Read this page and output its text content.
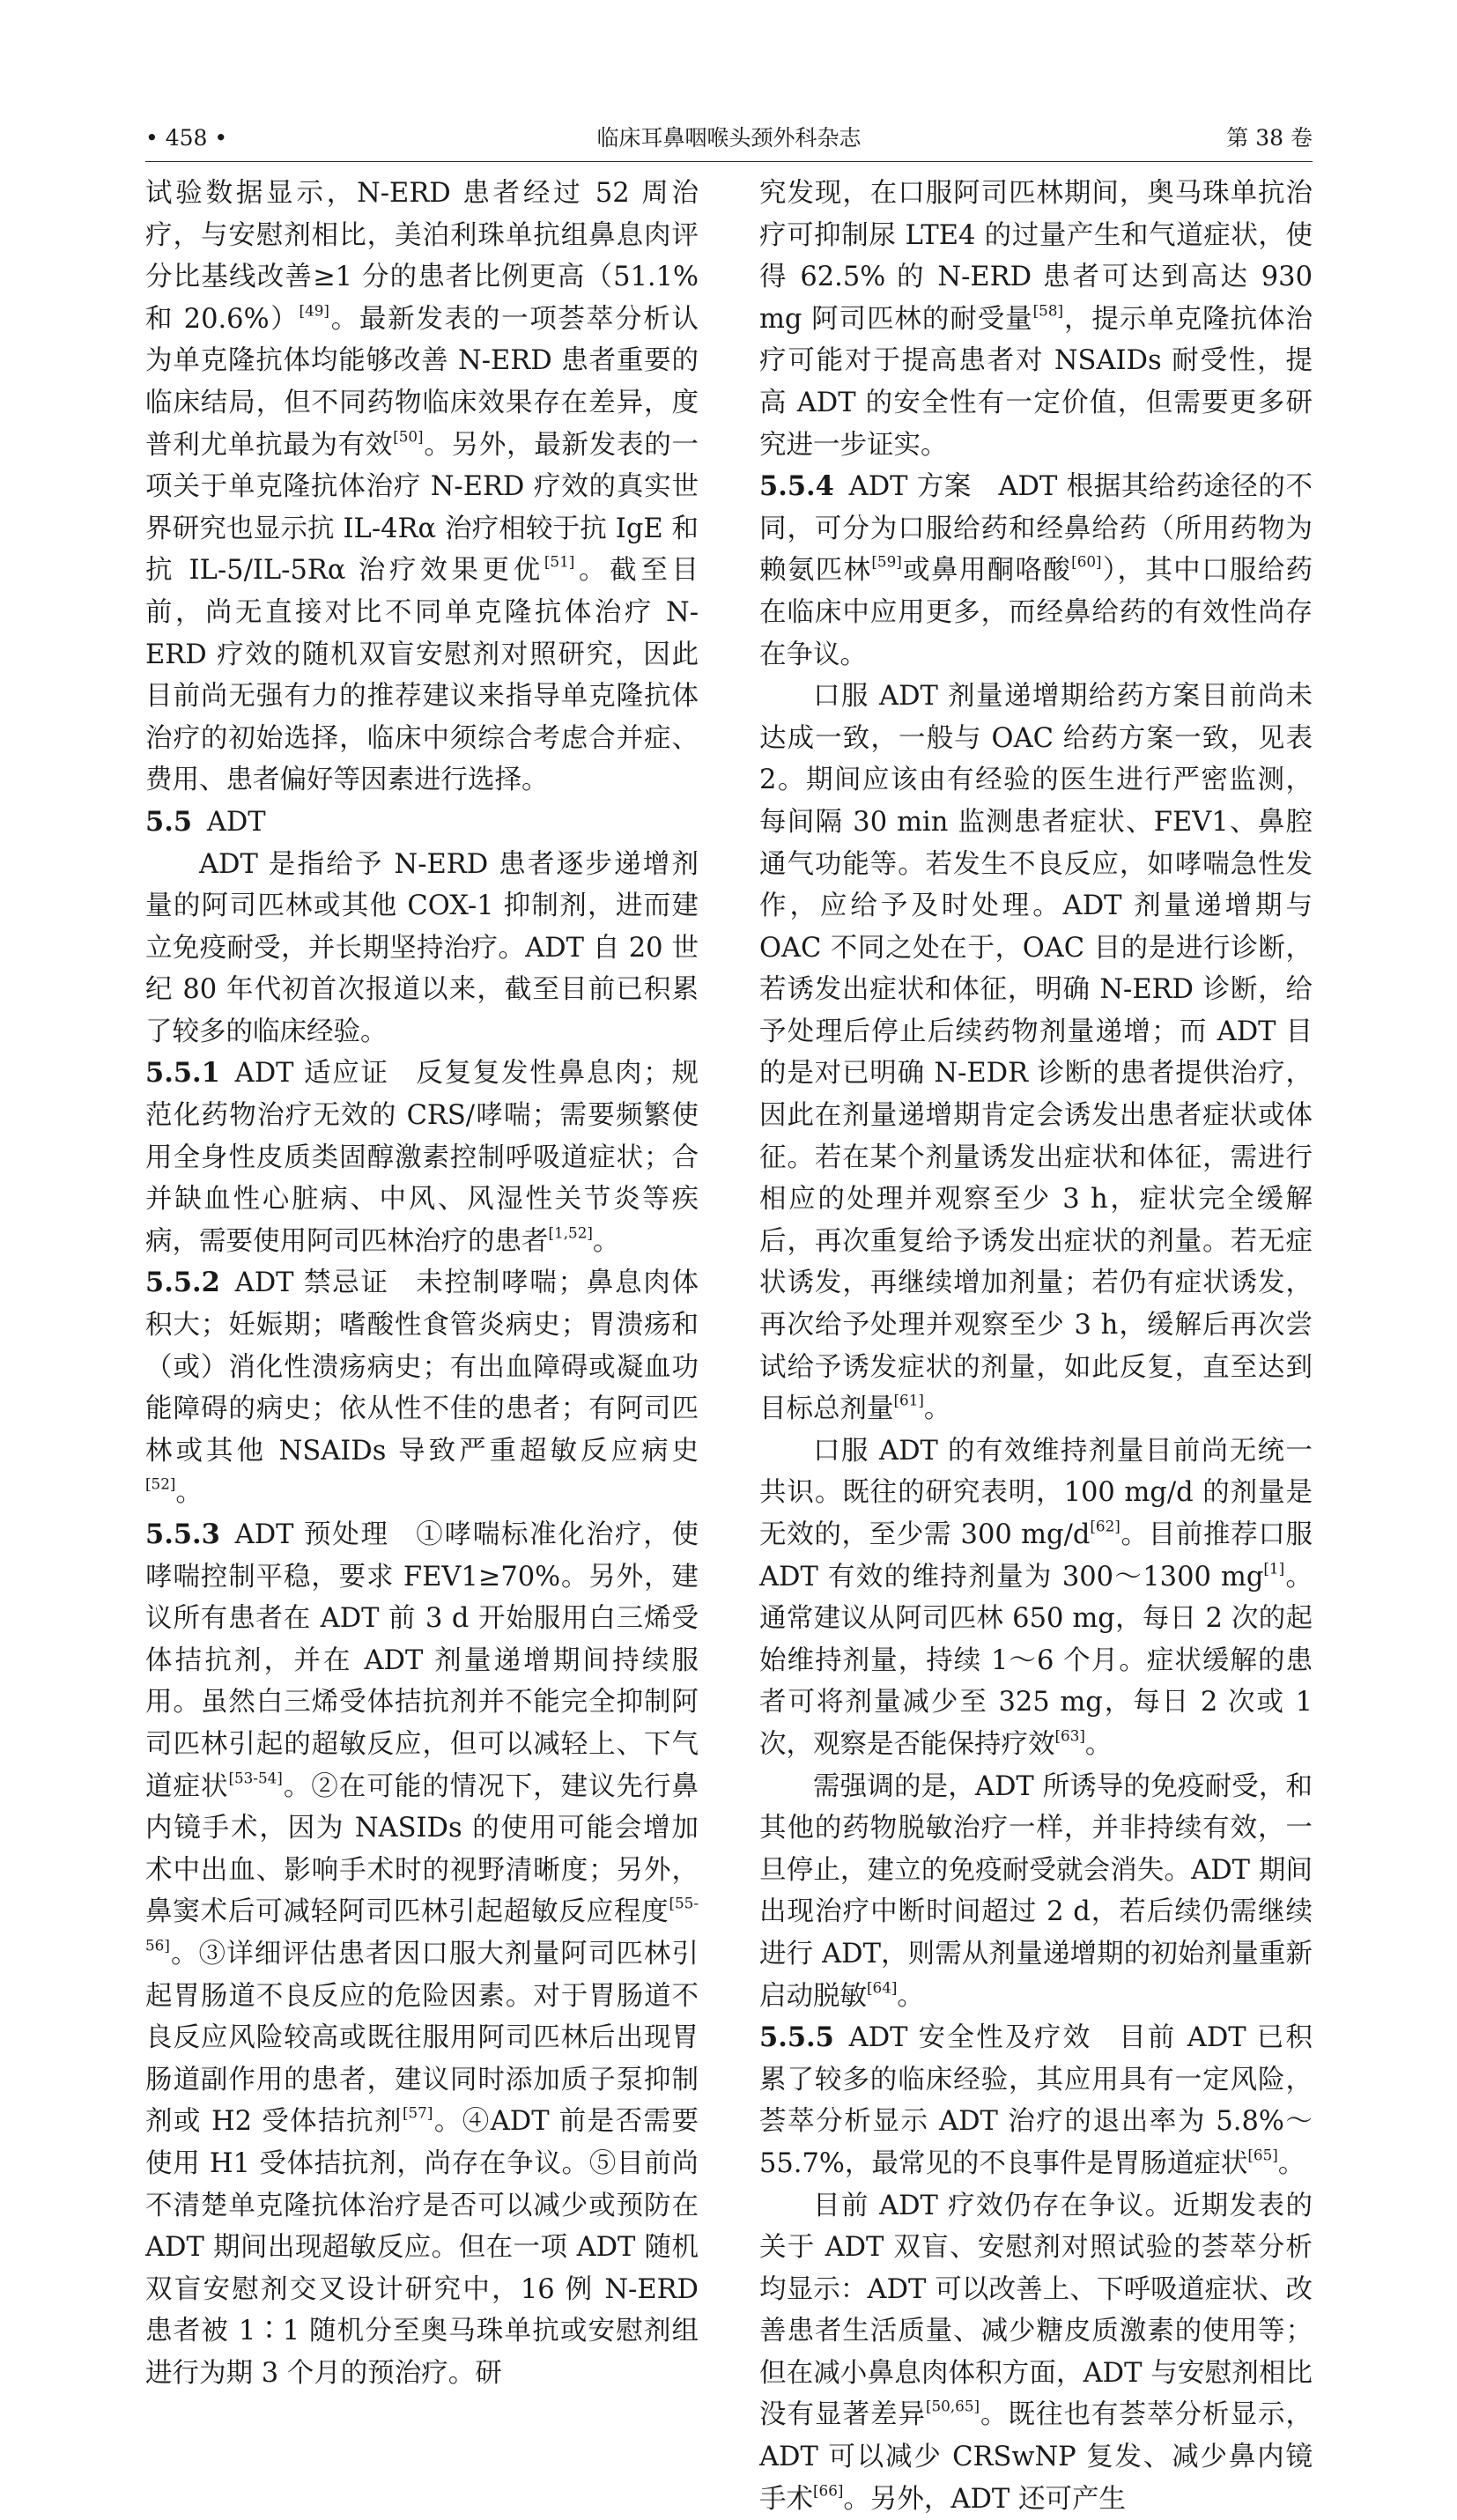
• 458 •	临床耳鼻咽喉头颈外科杂志	第 38 卷

试验数据显示，N-ERD 患者经过 52 周治疗，与安慰剂相比，美泊利珠单抗组鼻息肉评分比基线改善≥1 分的患者比例更高（51.1% 和 20.6%）[49]。最新发表的一项荟萃分析认为单克隆抗体均能够改善 N-ERD 患者重要的临床结局，但不同药物临床效果存在差异，度普利尤单抗最为有效[50]。另外，最新发表的一项关于单克隆抗体治疗 N-ERD 疗效的真实世界研究也显示抗 IL-4Rα 治疗相较于抗 IgE 和抗 IL-5/IL-5Rα 治疗效果更优[51]。截至目前，尚无直接对比不同单克隆抗体治疗 N-ERD 疗效的随机双盲安慰剂对照研究，因此目前尚无强有力的推荐建议来指导单克隆抗体治疗的初始选择，临床中须综合考虑合并症、费用、患者偏好等因素进行选择。

5.5 ADT

ADT 是指给予 N-ERD 患者逐步递增剂量的阿司匹林或其他 COX-1 抑制剂，进而建立免疫耐受，并长期坚持治疗。ADT 自 20 世纪 80 年代初首次报道以来，截至目前已积累了较多的临床经验。

5.5.1 ADT 适应证 反复复发性鼻息肉；规范化药物治疗无效的 CRS/哮喘；需要频繁使用全身性皮质类固醇激素控制呼吸道症状；合并缺血性心脏病、中风、风湿性关节炎等疾病，需要使用阿司匹林治疗的患者[1,52]。

5.5.2 ADT 禁忌证 未控制哮喘；鼻息肉体积大；妊娠期；嗜酸性食管炎病史；胃溃疡和（或）消化性溃疡病史；有出血障碍或凝血功能障碍的病史；依从性不佳的患者；有阿司匹林或其他 NSAIDs 导致严重超敏反应病史[52]。

5.5.3 ADT 预处理 ①哮喘标准化治疗，使哮喘控制平稳，要求 FEV1≥70%。另外，建议所有患者在 ADT 前 3 d 开始服用白三烯受体拮抗剂，并在 ADT 剂量递增期间持续服用。虽然白三烯受体拮抗剂并不能完全抑制阿司匹林引起的超敏反应，但可以减轻上、下气道症状[53-54]。②在可能的情况下，建议先行鼻内镜手术，因为 NASIDs 的使用可能会增加术中出血、影响手术时的视野清晰度；另外，鼻窦术后可减轻阿司匹林引起超敏反应程度[55-56]。③详细评估患者因口服大剂量阿司匹林引起胃肠道不良反应的危险因素。对于胃肠道不良反应风险较高或既往服用阿司匹林后出现胃肠道副作用的患者，建议同时添加质子泵抑制剂或 H2 受体拮抗剂[57]。④ADT 前是否需要使用 H1 受体拮抗剂，尚存在争议。⑤目前尚不清楚单克隆抗体治疗是否可以减少或预防在 ADT 期间出现超敏反应。但在一项 ADT 随机双盲安慰剂交叉设计研究中，16 例 N-ERD 患者被 1∶1 随机分至奥马珠单抗或安慰剂组进行为期 3 个月的预治疗。研

究发现，在口服阿司匹林期间，奥马珠单抗治疗可抑制尿 LTE4 的过量产生和气道症状，使得 62.5% 的 N-ERD 患者可达到高达 930 mg 阿司匹林的耐受量[58]，提示单克隆抗体治疗可能对于提高患者对 NSAIDs 耐受性，提高 ADT 的安全性有一定价值，但需要更多研究进一步证实。

5.5.4 ADT 方案 ADT 根据其给药途径的不同，可分为口服给药和经鼻给药（所用药物为赖氨匹林[59]或鼻用酮咯酸[60]），其中口服给药在临床中应用更多，而经鼻给药的有效性尚存在争议。

口服 ADT 剂量递增期给药方案目前尚未达成一致，一般与 OAC 给药方案一致，见表 2。期间应该由有经验的医生进行严密监测，每间隔 30 min 监测患者症状、FEV1、鼻腔通气功能等。若发生不良反应，如哮喘急性发作，应给予及时处理。ADT 剂量递增期与 OAC 不同之处在于，OAC 目的是进行诊断，若诱发出症状和体征，明确 N-ERD 诊断，给予处理后停止后续药物剂量递增；而 ADT 目的是对已明确 N-EDR 诊断的患者提供治疗，因此在剂量递增期肯定会诱发出患者症状或体征。若在某个剂量诱发出症状和体征，需进行相应的处理并观察至少 3 h，症状完全缓解后，再次重复给予诱发出症状的剂量。若无症状诱发，再继续增加剂量；若仍有症状诱发，再次给予处理并观察至少 3 h，缓解后再次尝试给予诱发症状的剂量，如此反复，直至达到目标总剂量[61]。

口服 ADT 的有效维持剂量目前尚无统一共识。既往的研究表明，100 mg/d 的剂量是无效的，至少需 300 mg/d[62]。目前推荐口服 ADT 有效的维持剂量为 300～1300 mg[1]。通常建议从阿司匹林 650 mg，每日 2 次的起始维持剂量，持续 1～6 个月。症状缓解的患者可将剂量减少至 325 mg，每日 2 次或 1 次，观察是否能保持疗效[63]。

需强调的是，ADT 所诱导的免疫耐受，和其他的药物脱敏治疗一样，并非持续有效，一旦停止，建立的免疫耐受就会消失。ADT 期间出现治疗中断时间超过 2 d，若后续仍需继续进行 ADT，则需从剂量递增期的初始剂量重新启动脱敏[64]。

5.5.5 ADT 安全性及疗效 目前 ADT 已积累了较多的临床经验，其应用具有一定风险，荟萃分析显示 ADT 治疗的退出率为 5.8%～55.7%，最常见的不良事件是胃肠道症状[65]。

目前 ADT 疗效仍存在争议。近期发表的关于 ADT 双盲、安慰剂对照试验的荟萃分析均显示：ADT 可以改善上、下呼吸道症状、改善患者生活质量、减少糖皮质激素的使用等；但在减小鼻息肉体积方面，ADT 与安慰剂相比没有显著差异[50,65]。既往也有荟萃分析显示，ADT 可以减少 CRSwNP 复发、减少鼻内镜手术[66]。另外，ADT 还可产生
